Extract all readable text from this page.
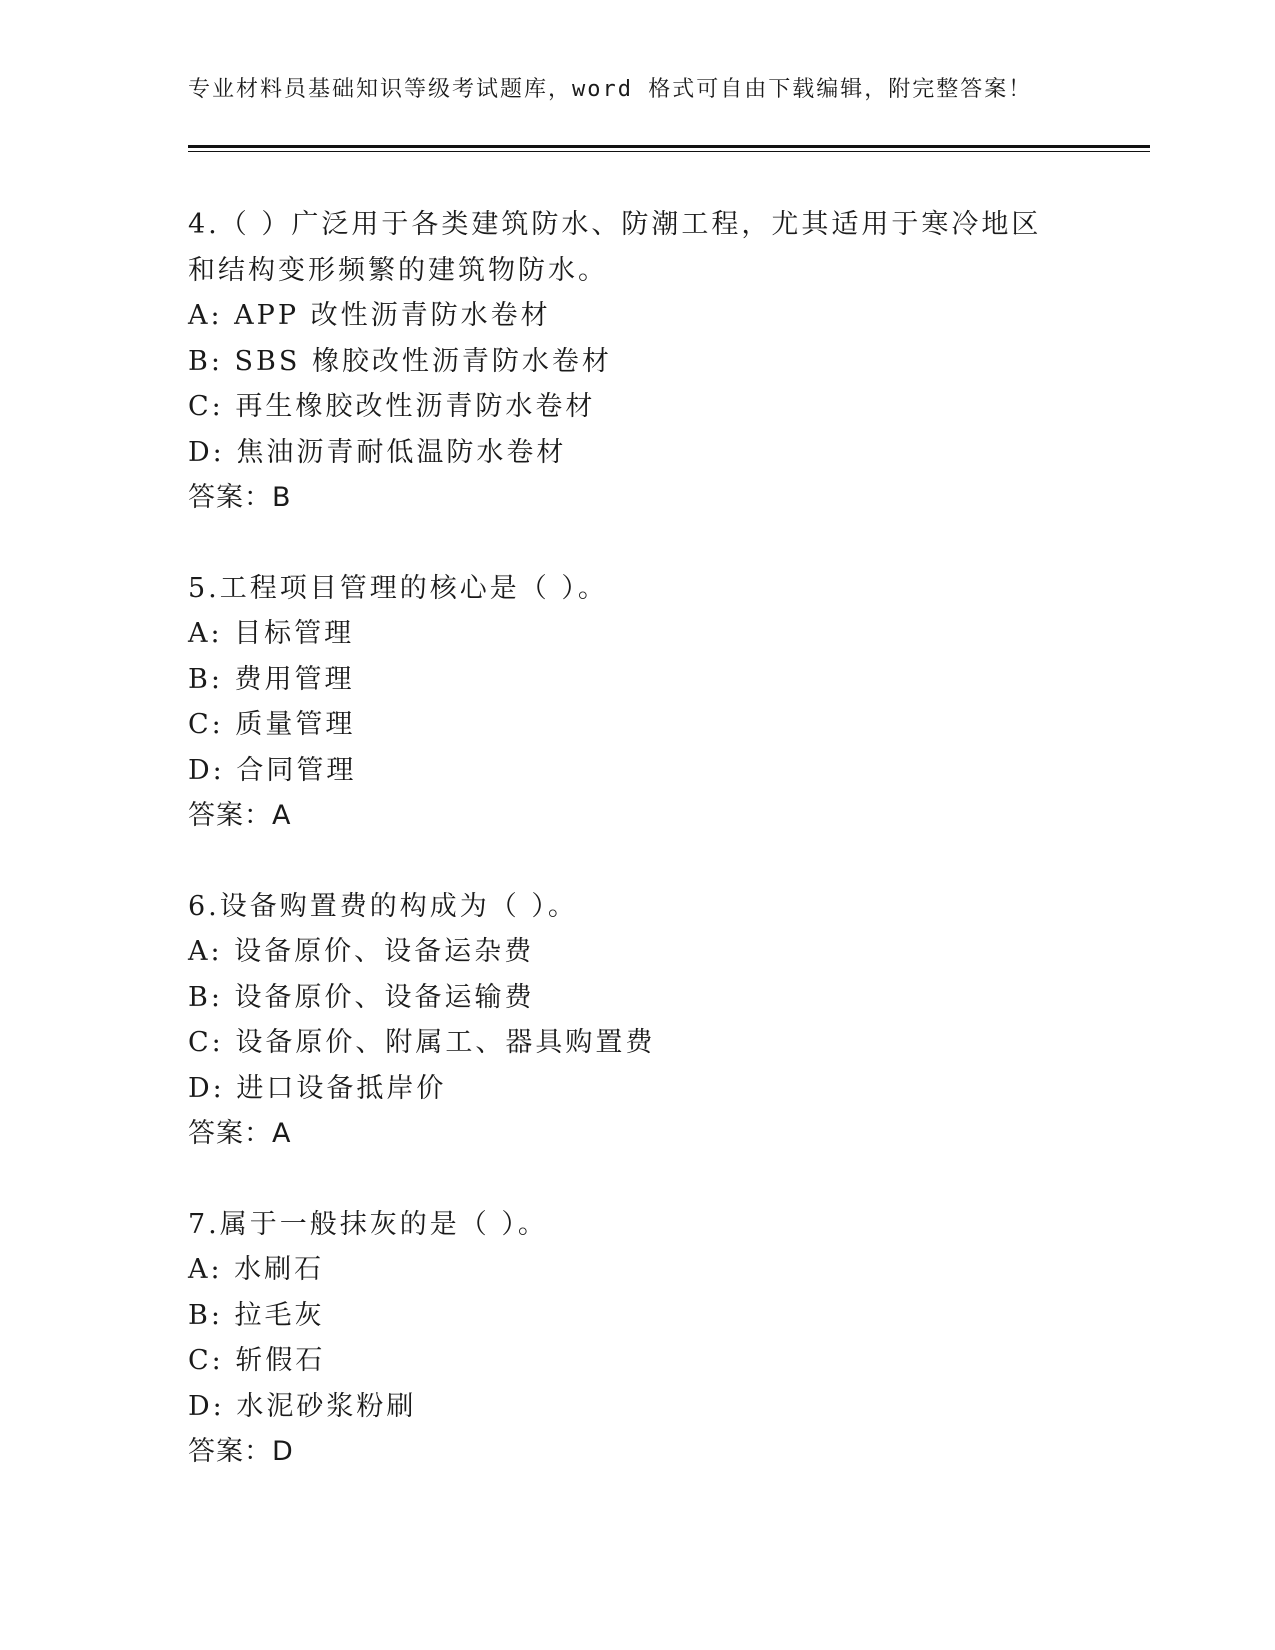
专业材料员基础知识等级考试题库，word 格式可自由下载编辑，附完整答案！
4.（ ）广泛用于各类建筑防水、防潮工程，尤其适用于寒冷地区和结构变形频繁的建筑物防水。
A: APP 改性沥青防水卷材
B: SBS 橡胶改性沥青防水卷材
C: 再生橡胶改性沥青防水卷材
D: 焦油沥青耐低温防水卷材
答案：B
5.工程项目管理的核心是（ ）。
A: 目标管理
B: 费用管理
C: 质量管理
D: 合同管理
答案：A
6.设备购置费的构成为（ ）。
A: 设备原价、设备运杂费
B: 设备原价、设备运输费
C: 设备原价、附属工、器具购置费
D: 进口设备抵岸价
答案：A
7.属于一般抹灰的是（ ）。
A: 水刷石
B: 拉毛灰
C: 斩假石
D: 水泥砂浆粉刷
答案：D
